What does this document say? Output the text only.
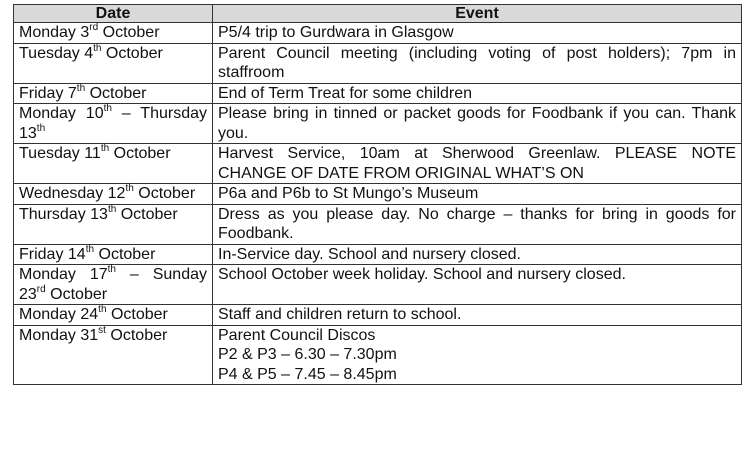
Date	Event
Monday 3rd October	P5/4 trip to Gurdwara in Glasgow
Tuesday 4th October	Parent Council meeting (including voting of post holders); 7pm in staffroom
Friday 7th October	End of Term Treat for some children
Monday 10th – Thursday 13th	Please bring in tinned or packet goods for Foodbank if you can. Thank you.
Tuesday 11th October	Harvest Service, 10am at Sherwood Greenlaw. PLEASE NOTE CHANGE OF DATE FROM ORIGINAL WHAT’S ON
Wednesday 12th October	P6a and P6b to St Mungo’s Museum
Thursday 13th October	Dress as you please day. No charge – thanks for bring in goods for Foodbank.
Friday 14th October	In-Service day. School and nursery closed.
Monday 17th – Sunday 23rd October	School October week holiday. School and nursery closed.
Monday 24th October	Staff and children return to school.
Monday 31st October	Parent Council Discos
P2 & P3 – 6.30 – 7.30pm
P4 & P5 – 7.45 – 8.45pm
